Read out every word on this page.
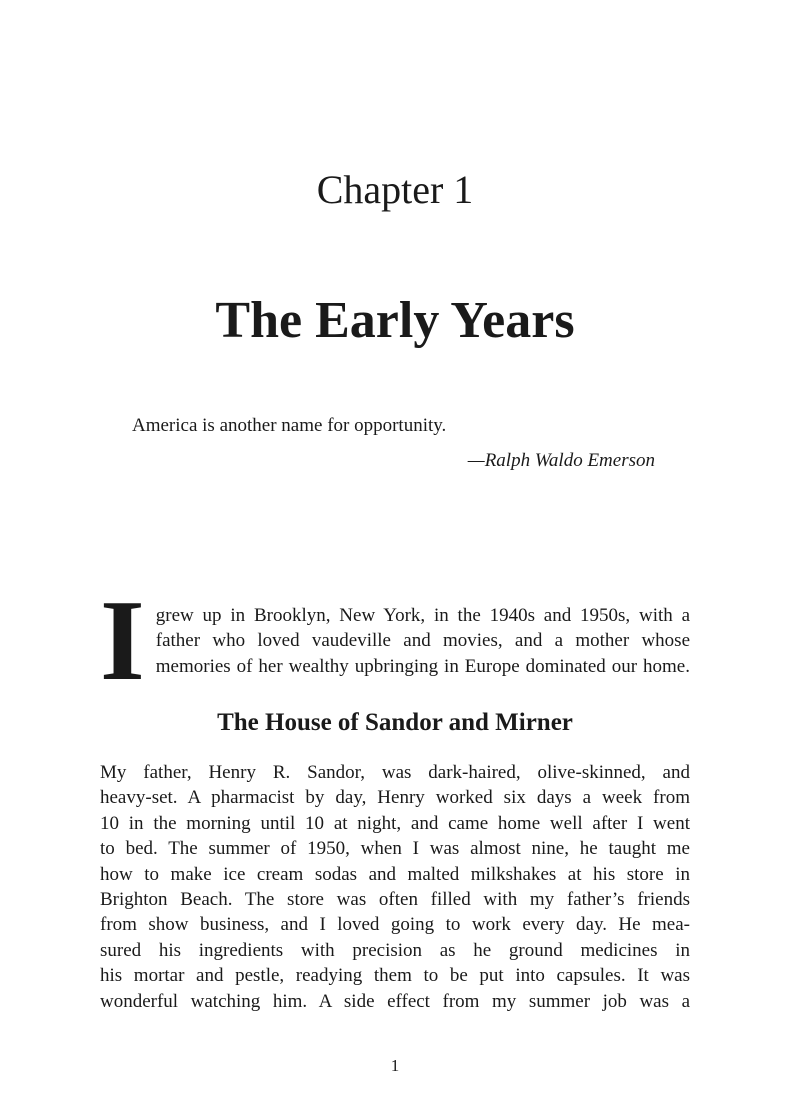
Chapter 1
The Early Years
America is another name for opportunity.
—Ralph Waldo Emerson
I grew up in Brooklyn, New York, in the 1940s and 1950s, with a
father who loved vaudeville and movies, and a mother whose
memories of her wealthy upbringing in Europe dominated our home.
The House of Sandor and Mirner
My father, Henry R. Sandor, was dark-haired, olive-skinned, and
heavy-set. A pharmacist by day, Henry worked six days a week from
10 in the morning until 10 at night, and came home well after I went
to bed. The summer of 1950, when I was almost nine, he taught me
how to make ice cream sodas and malted milkshakes at his store in
Brighton Beach. The store was often filled with my father’s friends
from show business, and I loved going to work every day. He mea-
sured his ingredients with precision as he ground medicines in
his mortar and pestle, readying them to be put into capsules. It was
wonderful watching him. A side effect from my summer job was a
1
